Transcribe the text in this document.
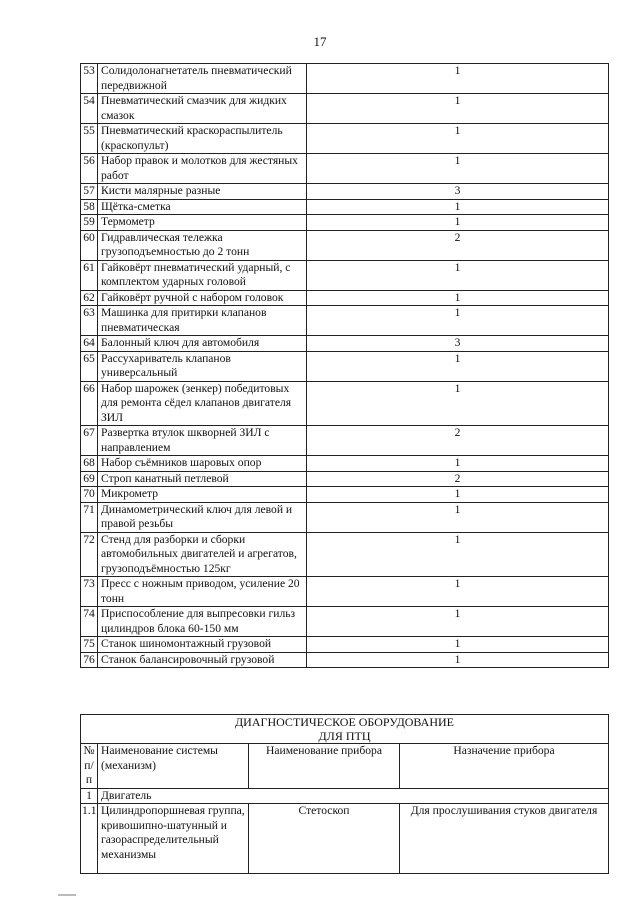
17
53	Солидолонагнетатель пневматический передвижной	1
54	Пневматический смазчик для жидких смазок	1
55	Пневматический краскораспылитель (краскопульт)	1
56	Набор правок и молотков для жестяных работ	1
57	Кисти малярные разные	3
58	Щётка-сметка	1
59	Термометр	1
60	Гидравлическая тележка грузоподъемностью до 2 тонн	2
61	Гайковёрт пневматический ударный, с комплектом ударных головой	1
62	Гайковёрт ручной с набором головок	1
63	Машинка для притирки клапанов пневматическая	1
64	Балонный ключ для автомобиля	3
65	Рассухариватель клапанов универсальный	1
66	Набор шарожек (зенкер) победитовых для ремонта сёдел клапанов двигателя ЗИЛ	1
67	Развертка втулок шкворней ЗИЛ с направлением	2
68	Набор съёмников шаровых опор	1
69	Строп канатный петлевой	2
70	Микрометр	1
71	Динамометрический ключ для левой и правой резьбы	1
72	Стенд для разборки и сборки автомобильных двигателей и агрегатов, грузоподъёмностью 125кг	1
73	Пресс с ножным приводом, усиление 20 тонн	1
74	Приспособление для выпресовки гильз цилиндров блока 60-150 мм	1
75	Станок шиномонтажный грузовой	1
76	Станок балансировочный грузовой	1
ДИАГНОСТИЧЕСКОЕ ОБОРУДОВАНИЕ
ДЛЯ ПТЦ			

№ п/п	Наименование системы (механизм)	Наименование прибора	Назначение прибора
1	Двигатель		
1.1	Цилиндропоршневая группа, кривошипно-шатунный и газораспределительный механизмы	Стетоскоп	Для прослушивания стуков двигателя
